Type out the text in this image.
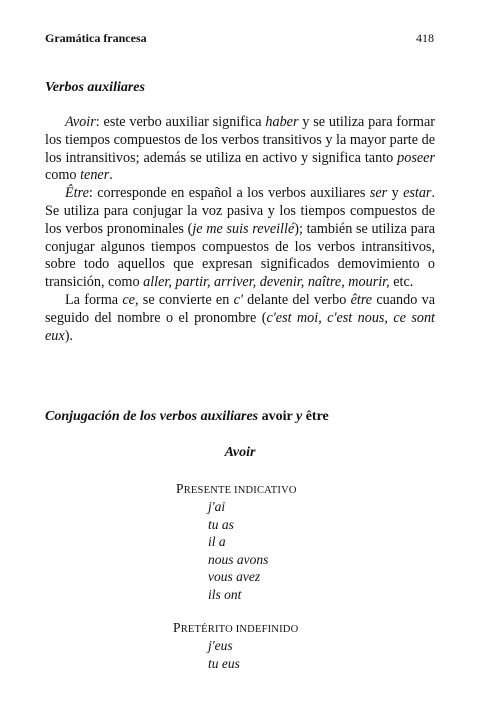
Gramática francesa	418
Verbos auxiliares

Avoir: este verbo auxiliar significa haber y se utiliza para formar los tiempos compuestos de los verbos transitivos y la mayor parte de los intransitivos; además se utiliza en activo y significa tanto poseer como tener.

Être: corresponde en español a los verbos auxiliares ser y estar. Se utiliza para conjugar la voz pasiva y los tiempos compuestos de los verbos pronominales (je me suis reveillé); también se utiliza para conjugar algunos tiempos compuestos de los verbos intransitivos, sobre todo aquellos que expresan significados demovimiento o transición, como aller, partir, arriver, devenir, naître, mourir, etc.

La forma ce, se convierte en c' delante del verbo être cuando va seguido del nombre o el pronombre (c'est moi, c'est nous, ce sont eux).

Conjugación de los verbos auxiliares avoir y être
Avoir
PRESENTE INDICATIVO
j'ai
tu as
il a
nous avons
vous avez
ils ont
PRETÉRITO INDEFINIDO
j'eus
tu eus
